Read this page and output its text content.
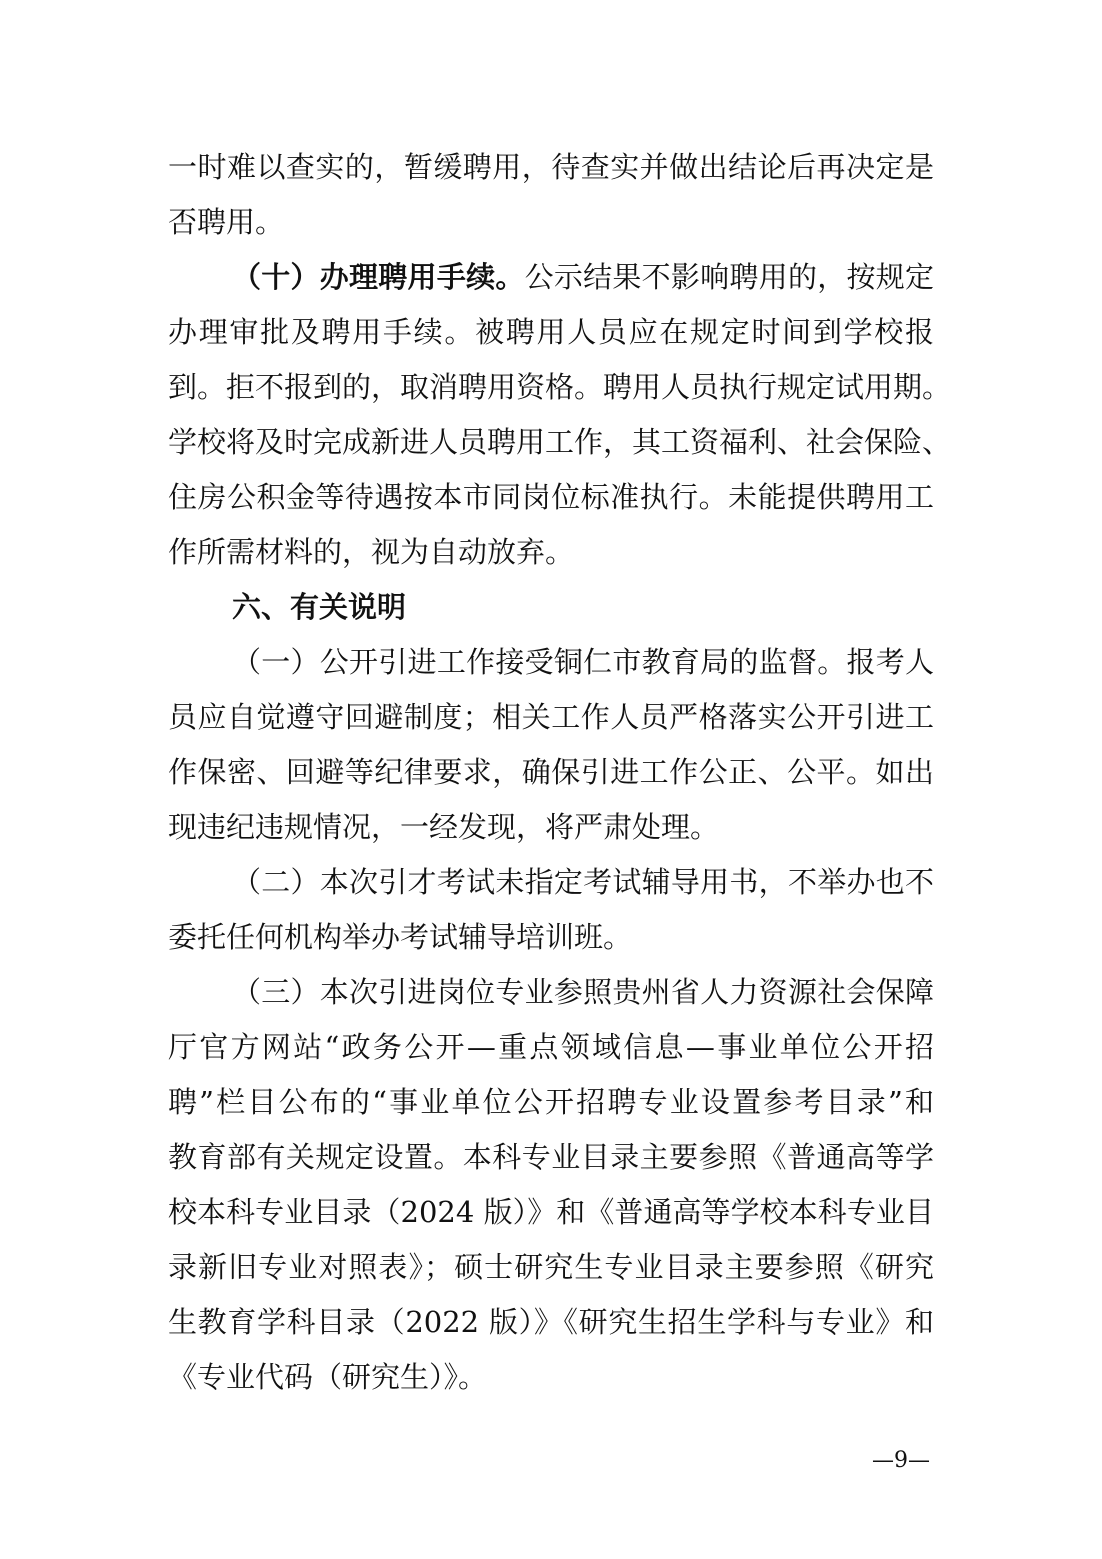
一时难以查实的，暂缓聘用，待查实并做出结论后再决定是
否聘用。
（十）办理聘用手续。公示结果不影响聘用的，按规定
办理审批及聘用手续。被聘用人员应在规定时间到学校报
到。拒不报到的，取消聘用资格。聘用人员执行规定试用期。
学校将及时完成新进人员聘用工作，其工资福利、社会保险、
住房公积金等待遇按本市同岗位标准执行。未能提供聘用工
作所需材料的，视为自动放弃。
六、有关说明
（一）公开引进工作接受铜仁市教育局的监督。报考人
员应自觉遵守回避制度；相关工作人员严格落实公开引进工
作保密、回避等纪律要求，确保引进工作公正、公平。如出
现违纪违规情况，一经发现，将严肃处理。
（二）本次引才考试未指定考试辅导用书，不举办也不
委托任何机构举办考试辅导培训班。
（三）本次引进岗位专业参照贵州省人力资源社会保障
厅官方网站“政务公开—重点领域信息—事业单位公开招
聘”栏目公布的“事业单位公开招聘专业设置参考目录”和
教育部有关规定设置。本科专业目录主要参照《普通高等学
校本科专业目录（2024 版）》和《普通高等学校本科专业目
录新旧专业对照表》；硕士研究生专业目录主要参照《研究
生教育学科目录（2022 版）》《研究生招生学科与专业》和
《专业代码（研究生）》。
—9—
